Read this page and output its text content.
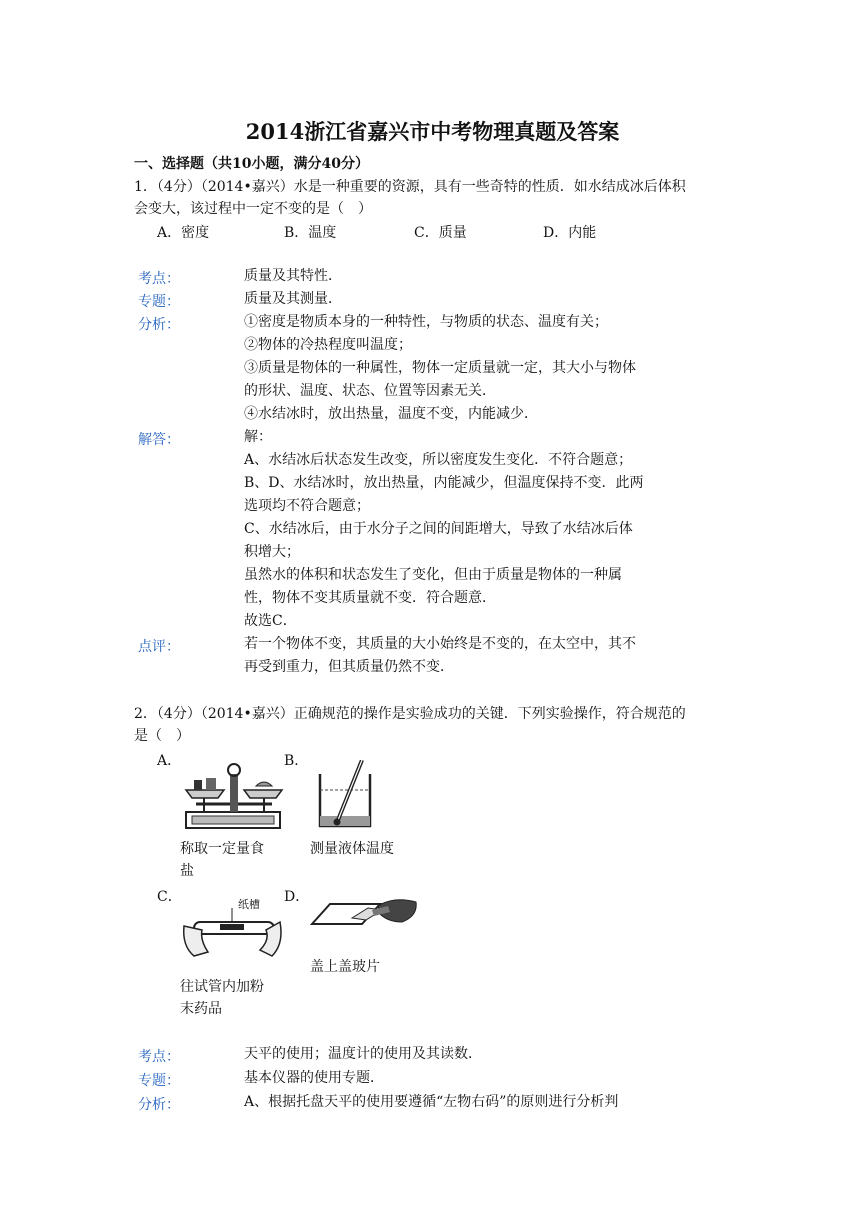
2014浙江省嘉兴市中考物理真题及答案
一、选择题（共10小题，满分40分）
1．（4分）（2014•嘉兴）水是一种重要的资源，具有一些奇特的性质．如水结成冰后体积
会变大，该过程中一定不变的是（　）
A．密度	B．温度	C．质量	D．内能
考点：	质量及其特性．
专题：	质量及其测量．
分析：	①密度是物质本身的一种特性，与物质的状态、温度有关；
②物体的冷热程度叫温度；
③质量是物体的一种属性，物体一定质量就一定，其大小与物体
的形状、温度、状态、位置等因素无关．
④水结冰时，放出热量，温度不变，内能减少．
解答：	解：
A、水结冰后状态发生改变，所以密度发生变化．不符合题意；
B、D、水结冰时，放出热量，内能减少，但温度保持不变．此两
选项均不符合题意；
C、水结冰后，由于水分子之间的间距增大，导致了水结冰后体
积增大；
虽然水的体积和状态发生了变化，但由于质量是物体的一种属
性，物体不变其质量就不变．符合题意．
故选C．
点评：	若一个物体不变，其质量的大小始终是不变的，在太空中，其不
再受到重力，但其质量仍然不变．
2．（4分）（2014•嘉兴）正确规范的操作是实验成功的关键．下列实验操作，符合规范的
是（　）
A．	B．
称取一定量食
盐
测量液体温度
C．	D．
纸槽
往试管内加粉
末药品
盖上盖玻片
考点：	天平的使用；温度计的使用及其读数．
专题：	基本仪器的使用专题．
分析：	A、根据托盘天平的使用要遵循“左物右码”的原则进行分析判
